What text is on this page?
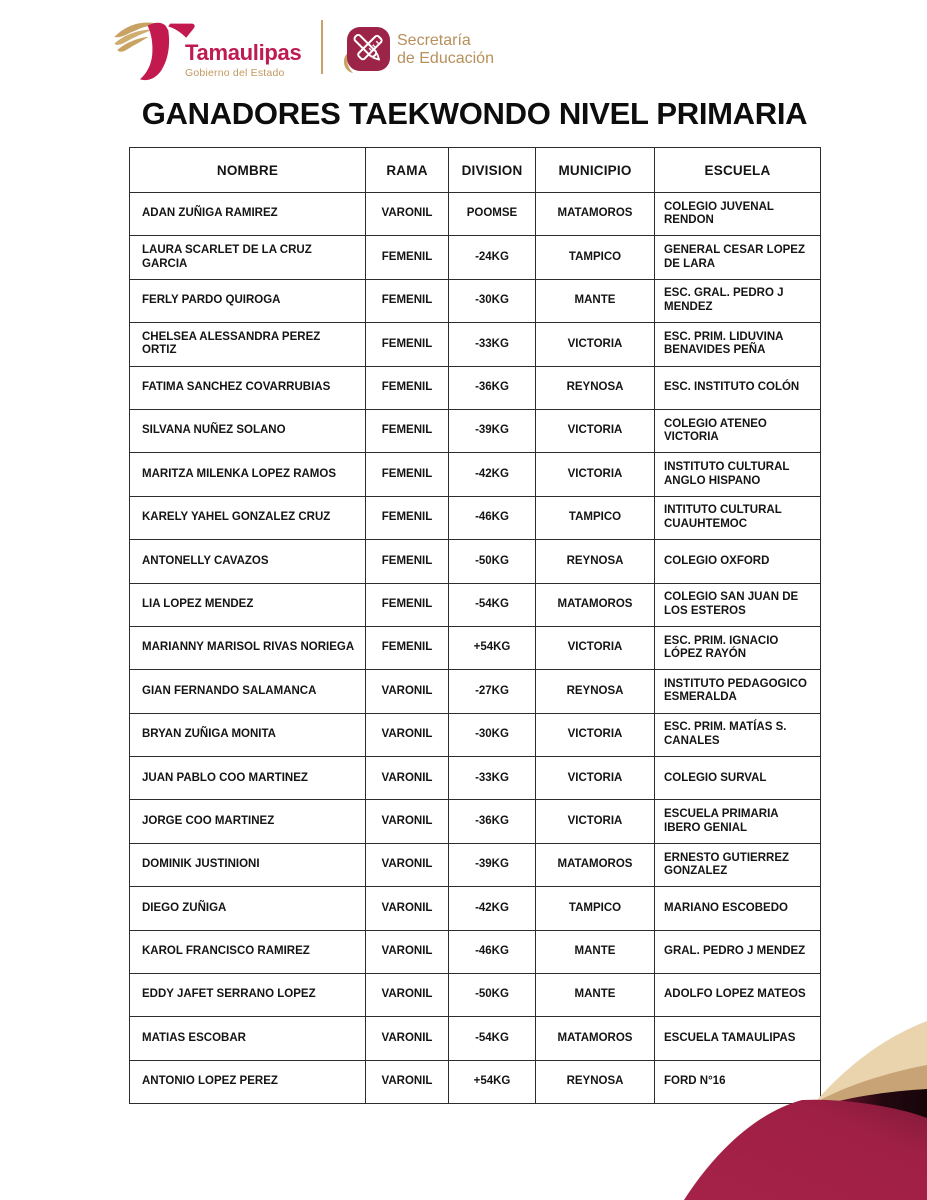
Tamaulipas
Gobierno del Estado
Secretaría
de Educación
GANADORES TAEKWONDO NIVEL PRIMARIA
NOMBRE	RAMA	DIVISION	MUNICIPIO	ESCUELA
ADAN ZUÑIGA RAMIREZ	VARONIL	POOMSE	MATAMOROS	COLEGIO JUVENAL RENDON
LAURA SCARLET DE LA CRUZ GARCIA	FEMENIL	-24KG	TAMPICO	GENERAL CESAR LOPEZ DE LARA
FERLY PARDO QUIROGA	FEMENIL	-30KG	MANTE	ESC. GRAL. PEDRO J MENDEZ
CHELSEA ALESSANDRA PEREZ ORTIZ	FEMENIL	-33KG	VICTORIA	ESC. PRIM. LIDUVINA BENAVIDES PEÑA
FATIMA SANCHEZ COVARRUBIAS	FEMENIL	-36KG	REYNOSA	ESC. INSTITUTO COLÓN
SILVANA NUÑEZ SOLANO	FEMENIL	-39KG	VICTORIA	COLEGIO ATENEO VICTORIA
MARITZA MILENKA LOPEZ RAMOS	FEMENIL	-42KG	VICTORIA	INSTITUTO CULTURAL ANGLO HISPANO
KARELY YAHEL GONZALEZ CRUZ	FEMENIL	-46KG	TAMPICO	INTITUTO CULTURAL CUAUHTEMOC
ANTONELLY CAVAZOS	FEMENIL	-50KG	REYNOSA	COLEGIO OXFORD
LIA LOPEZ MENDEZ	FEMENIL	-54KG	MATAMOROS	COLEGIO SAN JUAN DE LOS ESTEROS
MARIANNY MARISOL RIVAS NORIEGA	FEMENIL	+54KG	VICTORIA	ESC. PRIM. IGNACIO LÓPEZ RAYÓN
GIAN FERNANDO SALAMANCA	VARONIL	-27KG	REYNOSA	INSTITUTO PEDAGOGICO ESMERALDA
BRYAN ZUÑIGA MONITA	VARONIL	-30KG	VICTORIA	ESC. PRIM. MATÍAS S. CANALES
JUAN PABLO COO MARTINEZ	VARONIL	-33KG	VICTORIA	COLEGIO SURVAL
JORGE COO MARTINEZ	VARONIL	-36KG	VICTORIA	ESCUELA PRIMARIA IBERO GENIAL
DOMINIK JUSTINIONI	VARONIL	-39KG	MATAMOROS	ERNESTO GUTIERREZ GONZALEZ
DIEGO ZUÑIGA	VARONIL	-42KG	TAMPICO	MARIANO ESCOBEDO
KAROL FRANCISCO RAMIREZ	VARONIL	-46KG	MANTE	GRAL. PEDRO J MENDEZ
EDDY JAFET SERRANO LOPEZ	VARONIL	-50KG	MANTE	ADOLFO LOPEZ MATEOS
MATIAS ESCOBAR	VARONIL	-54KG	MATAMOROS	ESCUELA TAMAULIPAS
ANTONIO LOPEZ PEREZ	VARONIL	+54KG	REYNOSA	FORD N°16
